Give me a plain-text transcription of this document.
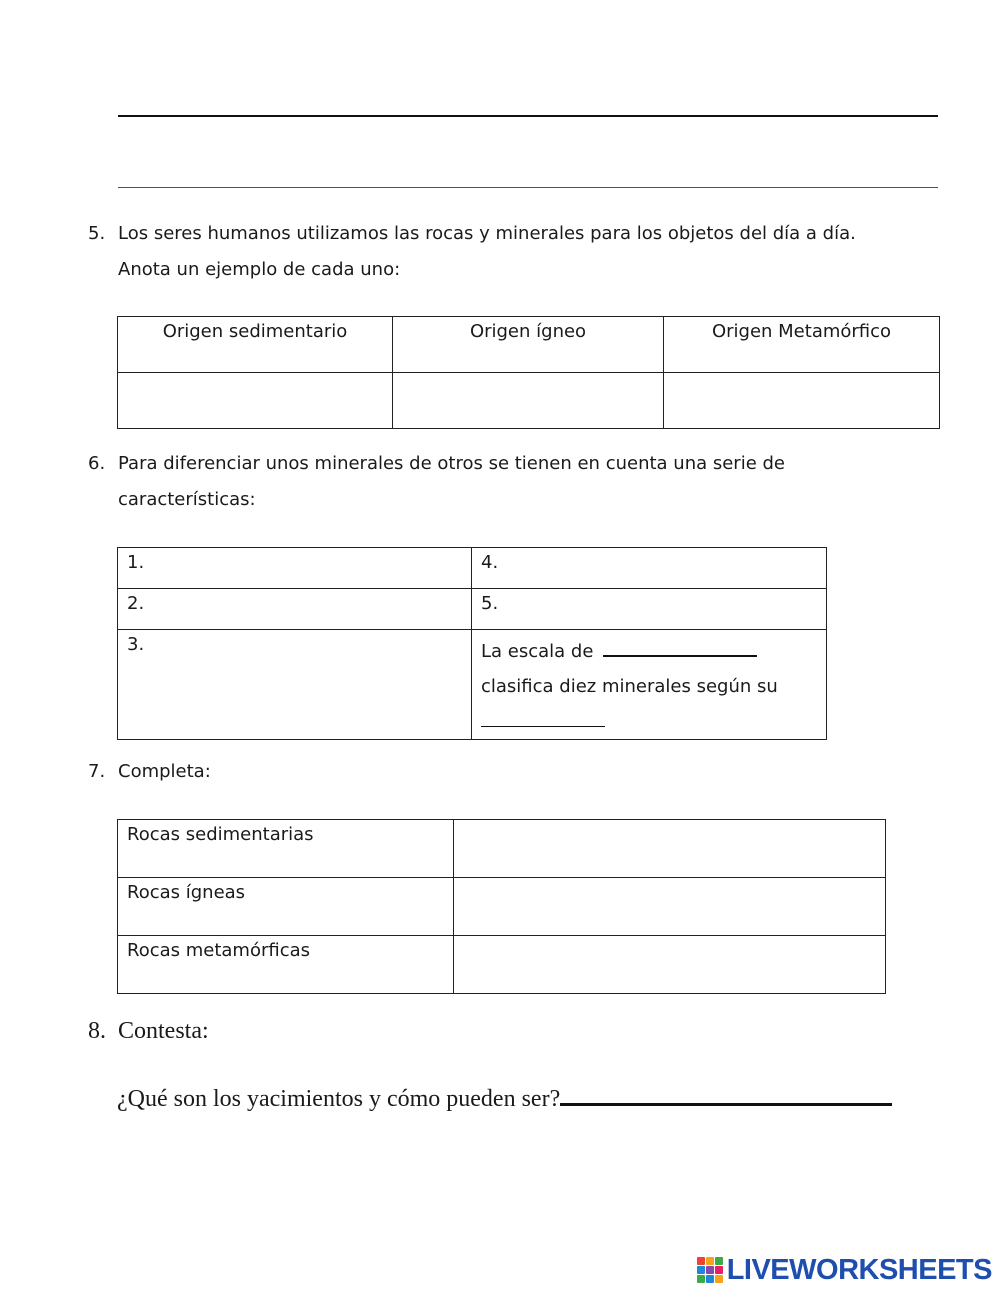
5. Los seres humanos utilizamos las rocas y minerales para los objetos del día a día.
Anota un ejemplo de cada uno:
Origen sedimentario	Origen ígneo	Origen Metamórfico

6. Para diferenciar unos minerales de otros se tienen en cuenta una serie de
características:
1.	4.

2.	5.

3.	La escala de
clasifica diez minerales según su

7. Completa:
Rocas sedimentarias	

Rocas ígneas	

Rocas metamórficas	

8. Contesta:
¿Qué son los yacimientos y cómo pueden ser?
LIVEWORKSHEETS
